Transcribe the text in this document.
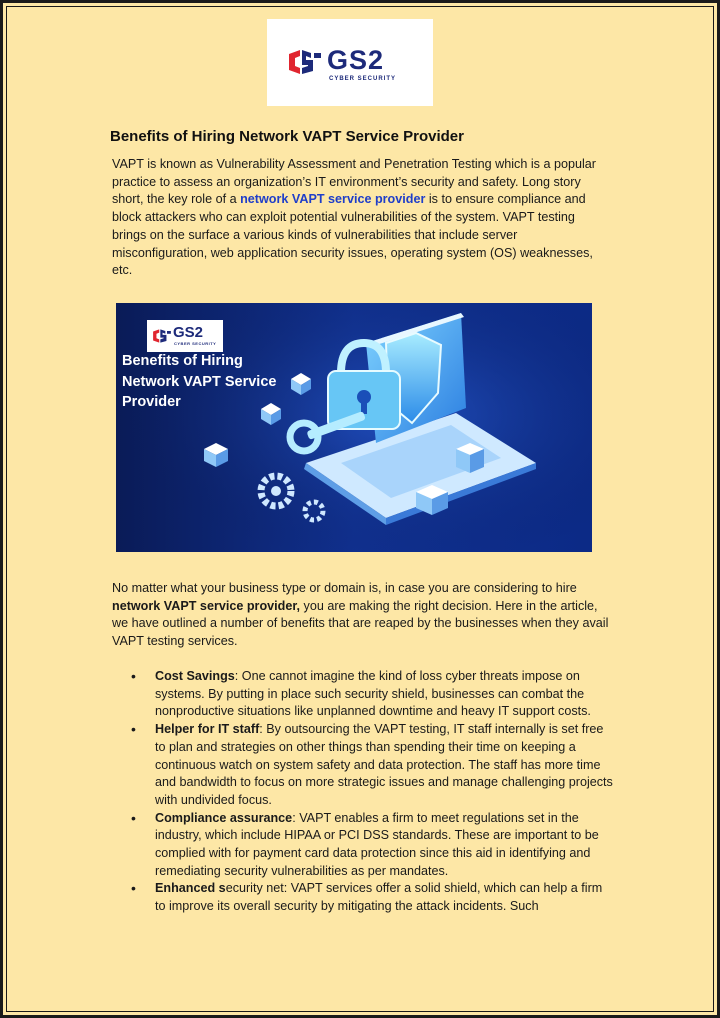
GS2
CYBER SECURITY
Benefits of Hiring Network VAPT Service Provider

VAPT is known as Vulnerability Assessment and Penetration Testing which is a popular practice to assess an organization’s IT environment’s security and safety. Long story short, the key role of a network VAPT service provider is to ensure compliance and block attackers who can exploit potential vulnerabilities of the system. VAPT testing brings on the surface a various kinds of vulnerabilities that include server misconfiguration, web application security issues, operating system (OS) weaknesses, etc.

GS2
CYBER SECURITY
Benefits of Hiring
Network VAPT Service
Provider

No matter what your business type or domain is, in case you are considering to hire network VAPT service provider, you are making the right decision. Here in the article, we have outlined a number of benefits that are reaped by the businesses when they avail VAPT testing services.

• Cost Savings: One cannot imagine the kind of loss cyber threats impose on systems. By putting in place such security shield, businesses can combat the nonproductive situations like unplanned downtime and heavy IT support costs.
• Helper for IT staff: By outsourcing the VAPT testing, IT staff internally is set free to plan and strategies on other things than spending their time on keeping a continuous watch on system safety and data protection. The staff has more time and bandwidth to focus on more strategic issues and manage challenging projects with undivided focus.
• Compliance assurance: VAPT enables a firm to meet regulations set in the industry, which include HIPAA or PCI DSS standards. These are important to be complied with for payment card data protection since this aid in identifying and remediating security vulnerabilities as per mandates.
• Enhanced security net: VAPT services offer a solid shield, which can help a firm to improve its overall security by mitigating the attack incidents. Such
